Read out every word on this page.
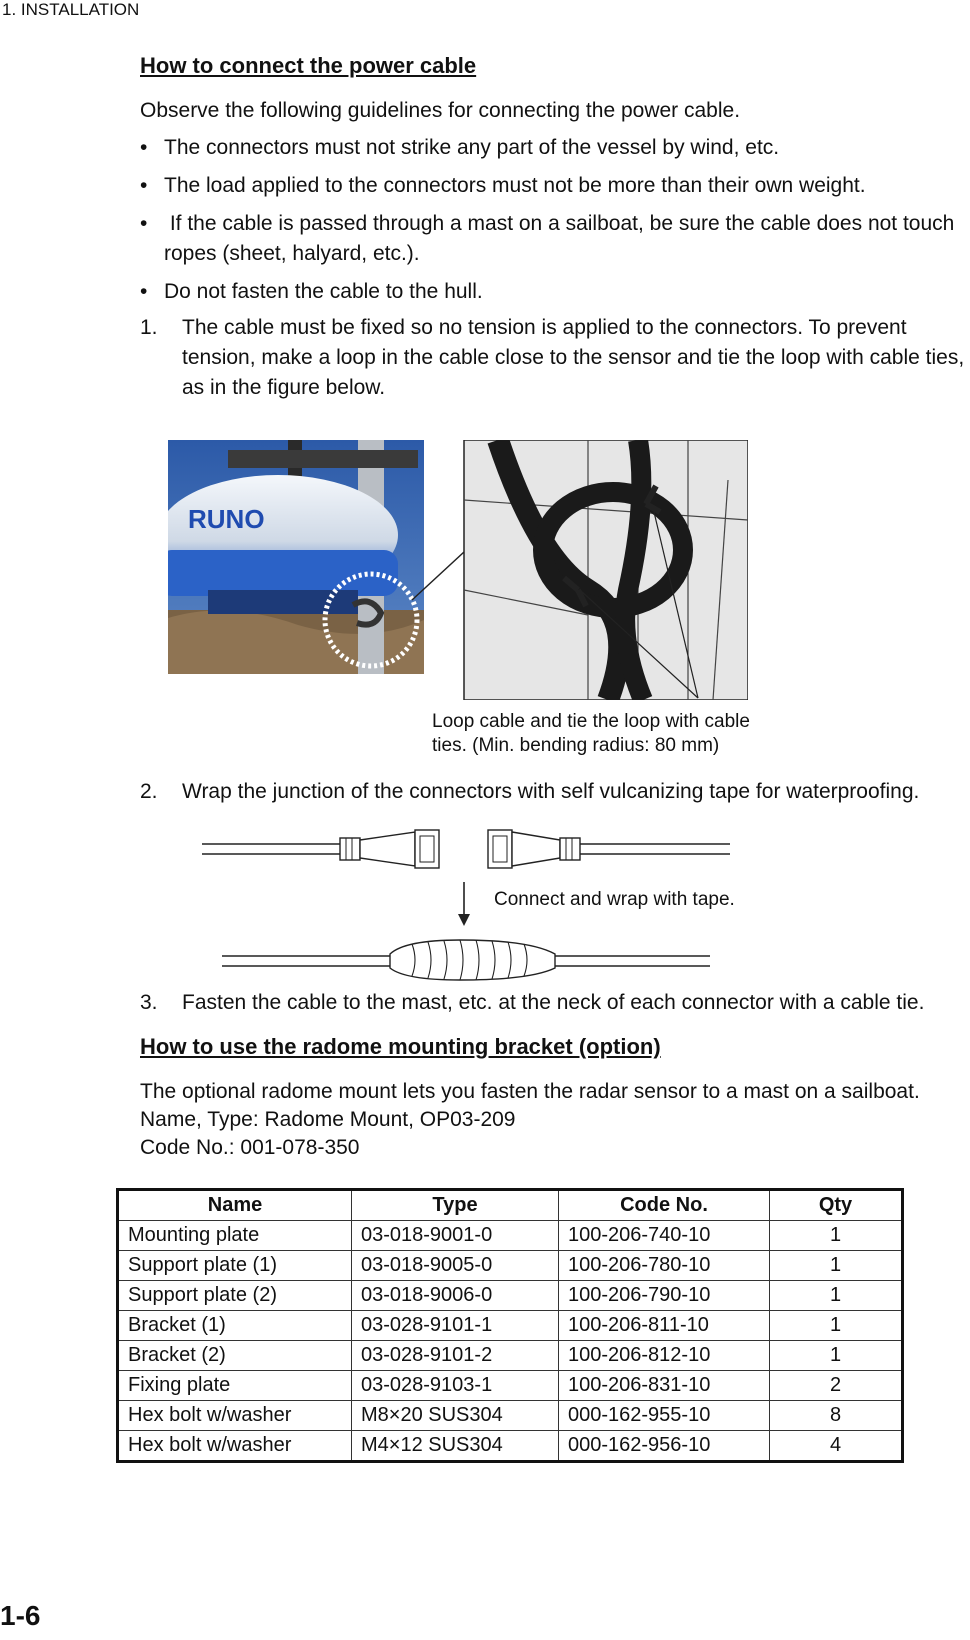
1. INSTALLATION
How to connect the power cable
Observe the following guidelines for connecting the power cable.
• The connectors must not strike any part of the vessel by wind, etc.
• The load applied to the connectors must not be more than their own weight.
• If the cable is passed through a mast on a sailboat, be sure the cable does not touch ropes (sheet, halyard, etc.).
• Do not fasten the cable to the hull.
1. The cable must be fixed so no tension is applied to the connectors. To prevent tension, make a loop in the cable close to the sensor and tie the loop with cable ties, as in the figure below.
RUNO
Loop cable and tie the loop with cable
ties. (Min. bending radius: 80 mm)
2. Wrap the junction of the connectors with self vulcanizing tape for waterproofing.
Connect and wrap with tape.
3. Fasten the cable to the mast, etc. at the neck of each connector with a cable tie.
How to use the radome mounting bracket (option)
The optional radome mount lets you fasten the radar sensor to a mast on a sailboat.
Name, Type: Radome Mount, OP03-209
Code No.: 001-078-350
Name	Type	Code No.	Qty
Mounting plate	03-018-9001-0	100-206-740-10	1
Support plate (1)	03-018-9005-0	100-206-780-10	1
Support plate (2)	03-018-9006-0	100-206-790-10	1
Bracket (1)	03-028-9101-1	100-206-811-10	1
Bracket (2)	03-028-9101-2	100-206-812-10	1
Fixing plate	03-028-9103-1	100-206-831-10	2
Hex bolt w/washer	M8×20 SUS304	000-162-955-10	8
Hex bolt w/washer	M4×12 SUS304	000-162-956-10	4
1-6
